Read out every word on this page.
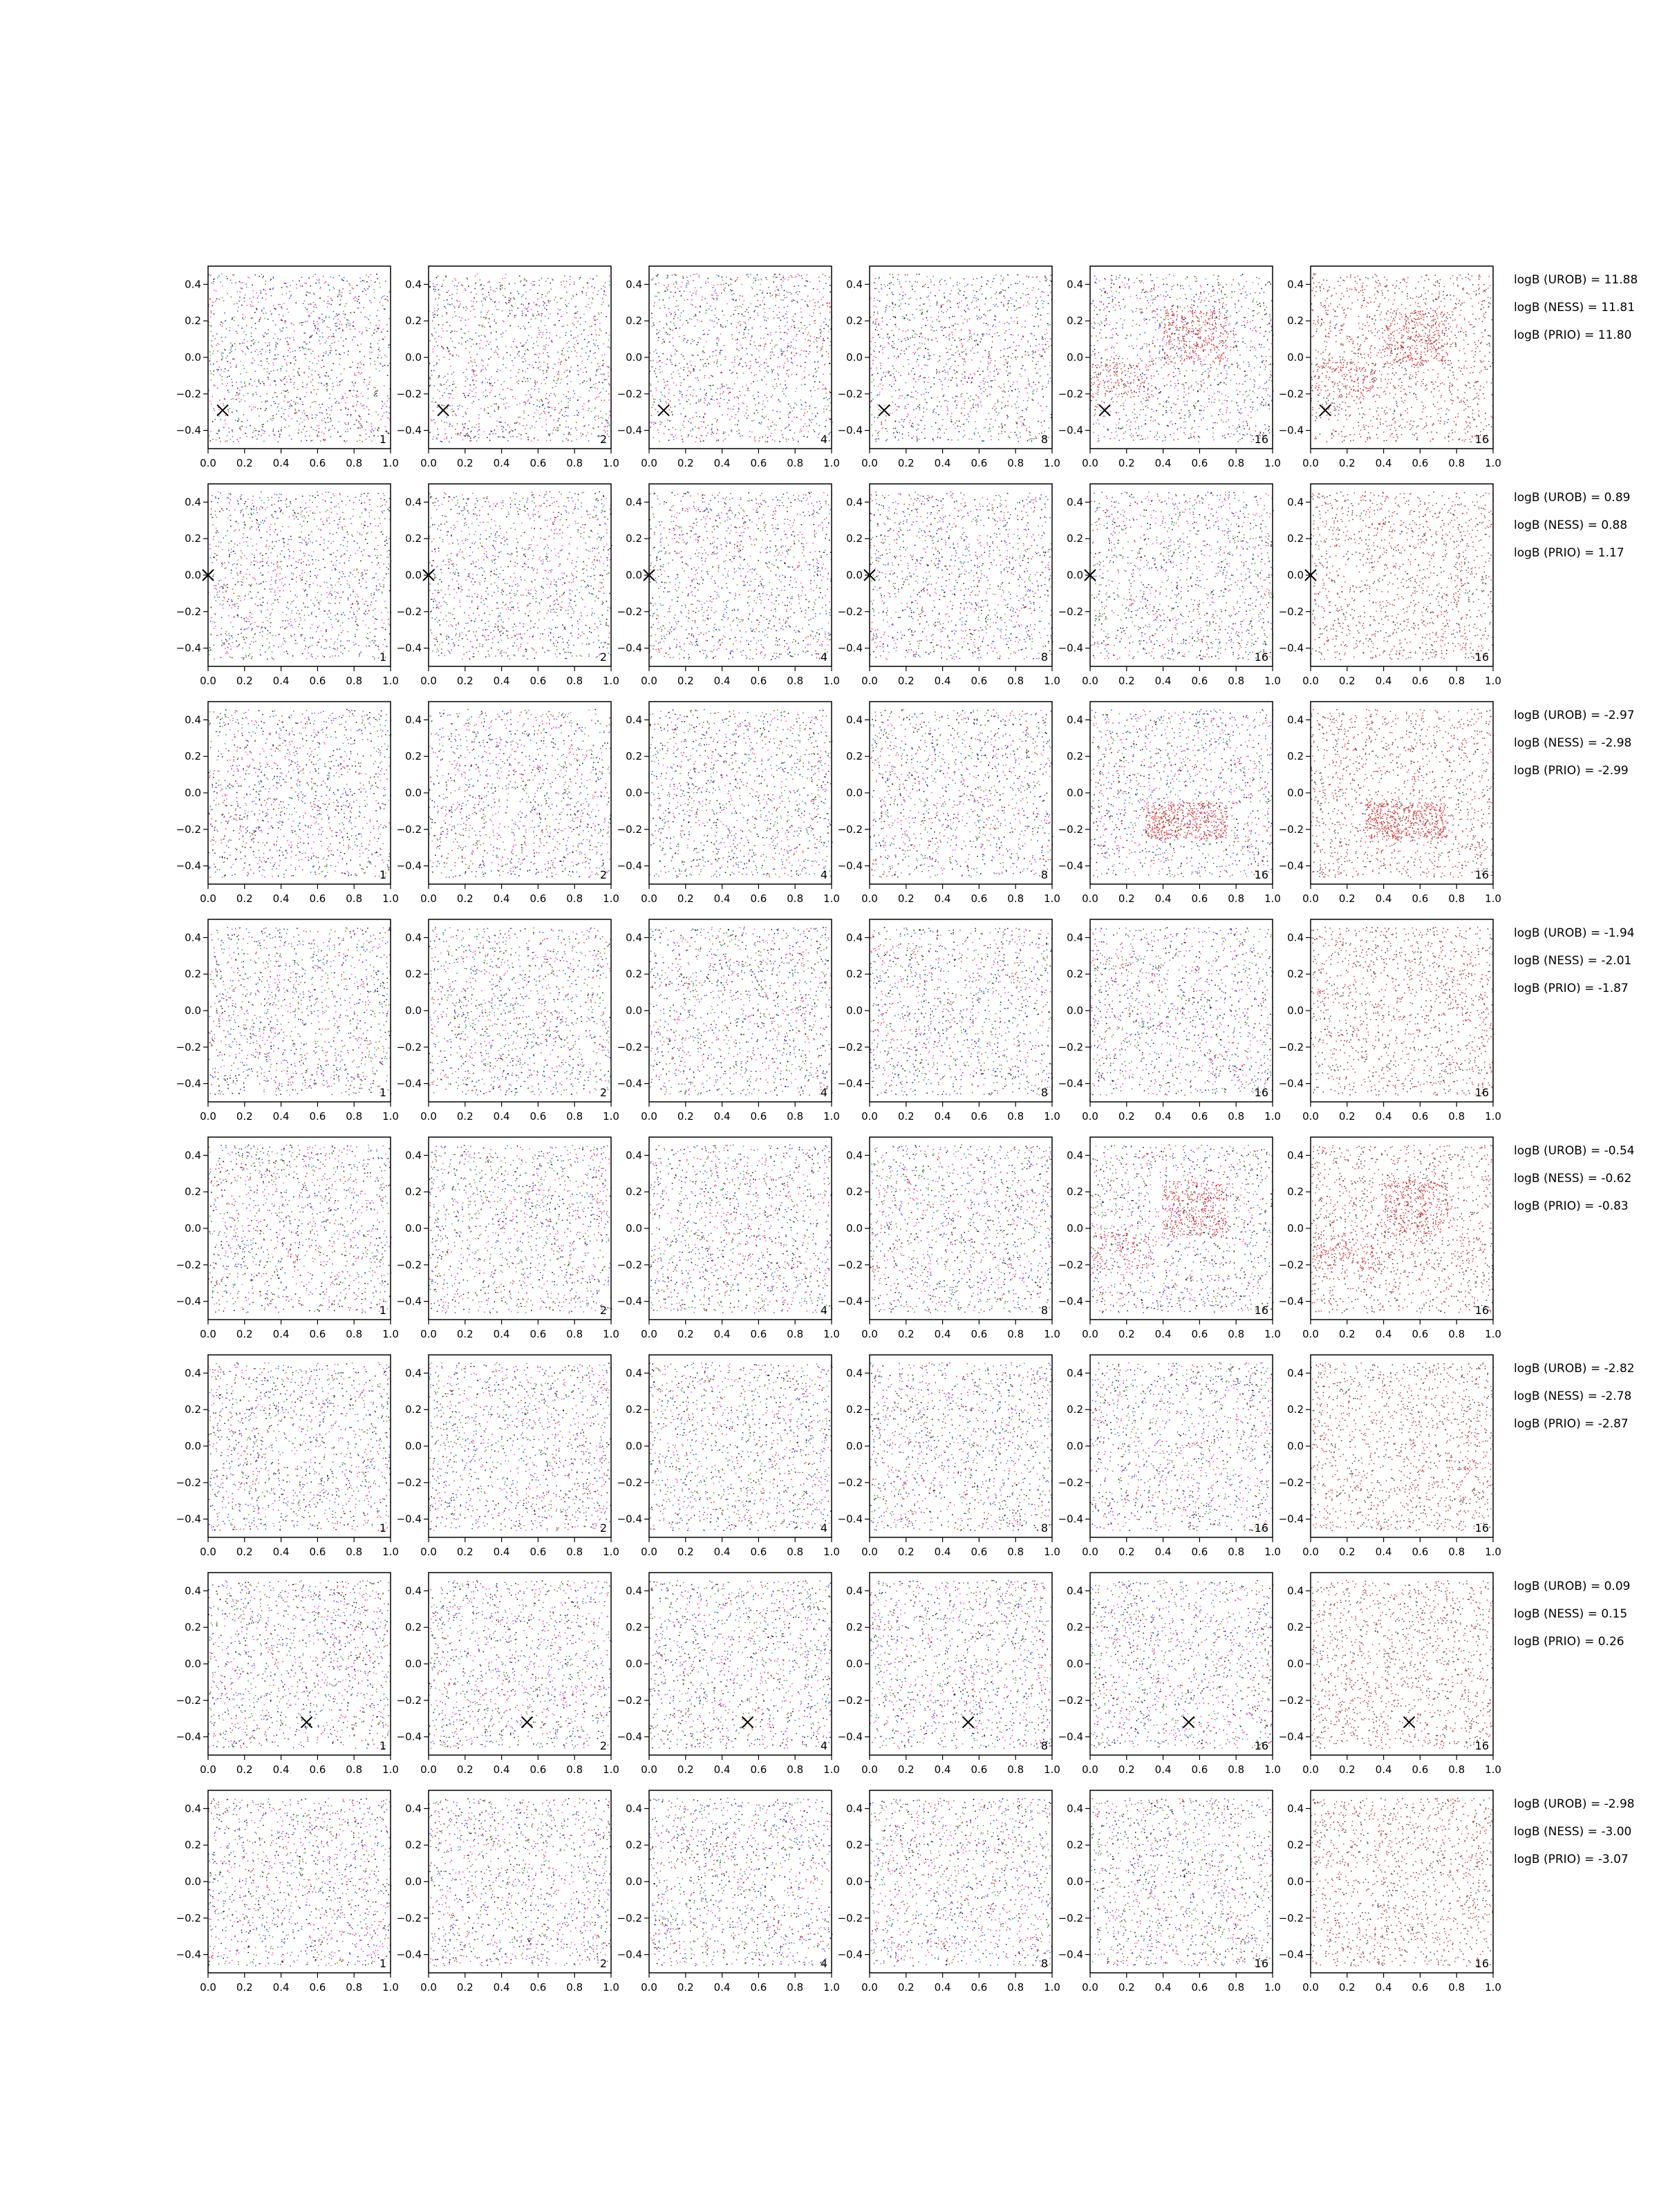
0.0 0.2 0.4 0.6 0.8 1.0
0.4
0.2
0.0
−0.2
−0.4
1
0.0 0.2 0.4 0.6 0.8 1.0
0.4
0.2
0.0
−0.2
−0.4
2
0.0 0.2 0.4 0.6 0.8 1.0
0.4
0.2
0.0
−0.2
−0.4
4
0.0 0.2 0.4 0.6 0.8 1.0
0.4
0.2
0.0
−0.2
−0.4
8
0.0 0.2 0.4 0.6 0.8 1.0
0.4
0.2
0.0
−0.2
−0.4
16
0.0 0.2 0.4 0.6 0.8 1.0
0.4
0.2
0.0
−0.2
−0.4
16
logB (UROB) = 11.88
logB (NESS) = 11.81
logB (PRIO) = 11.80
0.0 0.2 0.4 0.6 0.8 1.0
0.4
0.2
0.0
−0.2
−0.4
1
0.0 0.2 0.4 0.6 0.8 1.0
0.4
0.2
0.0
−0.2
−0.4
2
0.0 0.2 0.4 0.6 0.8 1.0
0.4
0.2
0.0
−0.2
−0.4
4
0.0 0.2 0.4 0.6 0.8 1.0
0.4
0.2
0.0
−0.2
−0.4
8
0.0 0.2 0.4 0.6 0.8 1.0
0.4
0.2
0.0
−0.2
−0.4
16
0.0 0.2 0.4 0.6 0.8 1.0
0.4
0.2
0.0
−0.2
−0.4
16
logB (UROB) = 0.89
logB (NESS) = 0.88
logB (PRIO) = 1.17
0.0 0.2 0.4 0.6 0.8 1.0
0.4
0.2
0.0
−0.2
−0.4
1
0.0 0.2 0.4 0.6 0.8 1.0
0.4
0.2
0.0
−0.2
−0.4
2
0.0 0.2 0.4 0.6 0.8 1.0
0.4
0.2
0.0
−0.2
−0.4
4
0.0 0.2 0.4 0.6 0.8 1.0
0.4
0.2
0.0
−0.2
−0.4
8
0.0 0.2 0.4 0.6 0.8 1.0
0.4
0.2
0.0
−0.2
−0.4
16
0.0 0.2 0.4 0.6 0.8 1.0
0.4
0.2
0.0
−0.2
−0.4
16
logB (UROB) = -2.97
logB (NESS) = -2.98
logB (PRIO) = -2.99
0.0 0.2 0.4 0.6 0.8 1.0
0.4
0.2
0.0
−0.2
−0.4
1
0.0 0.2 0.4 0.6 0.8 1.0
0.4
0.2
0.0
−0.2
−0.4
2
0.0 0.2 0.4 0.6 0.8 1.0
0.4
0.2
0.0
−0.2
−0.4
4
0.0 0.2 0.4 0.6 0.8 1.0
0.4
0.2
0.0
−0.2
−0.4
8
0.0 0.2 0.4 0.6 0.8 1.0
0.4
0.2
0.0
−0.2
−0.4
16
0.0 0.2 0.4 0.6 0.8 1.0
0.4
0.2
0.0
−0.2
−0.4
16
logB (UROB) = -1.94
logB (NESS) = -2.01
logB (PRIO) = -1.87
0.0 0.2 0.4 0.6 0.8 1.0
0.4
0.2
0.0
−0.2
−0.4
1
0.0 0.2 0.4 0.6 0.8 1.0
0.4
0.2
0.0
−0.2
−0.4
2
0.0 0.2 0.4 0.6 0.8 1.0
0.4
0.2
0.0
−0.2
−0.4
4
0.0 0.2 0.4 0.6 0.8 1.0
0.4
0.2
0.0
−0.2
−0.4
8
0.0 0.2 0.4 0.6 0.8 1.0
0.4
0.2
0.0
−0.2
−0.4
16
0.0 0.2 0.4 0.6 0.8 1.0
0.4
0.2
0.0
−0.2
−0.4
16
logB (UROB) = -0.54
logB (NESS) = -0.62
logB (PRIO) = -0.83
0.0 0.2 0.4 0.6 0.8 1.0
0.4
0.2
0.0
−0.2
−0.4
1
0.0 0.2 0.4 0.6 0.8 1.0
0.4
0.2
0.0
−0.2
−0.4
2
0.0 0.2 0.4 0.6 0.8 1.0
0.4
0.2
0.0
−0.2
−0.4
4
0.0 0.2 0.4 0.6 0.8 1.0
0.4
0.2
0.0
−0.2
−0.4
8
0.0 0.2 0.4 0.6 0.8 1.0
0.4
0.2
0.0
−0.2
−0.4
16
0.0 0.2 0.4 0.6 0.8 1.0
0.4
0.2
0.0
−0.2
−0.4
16
logB (UROB) = -2.82
logB (NESS) = -2.78
logB (PRIO) = -2.87
0.0 0.2 0.4 0.6 0.8 1.0
0.4
0.2
0.0
−0.2
−0.4
1
0.0 0.2 0.4 0.6 0.8 1.0
0.4
0.2
0.0
−0.2
−0.4
2
0.0 0.2 0.4 0.6 0.8 1.0
0.4
0.2
0.0
−0.2
−0.4
4
0.0 0.2 0.4 0.6 0.8 1.0
0.4
0.2
0.0
−0.2
−0.4
8
0.0 0.2 0.4 0.6 0.8 1.0
0.4
0.2
0.0
−0.2
−0.4
16
0.0 0.2 0.4 0.6 0.8 1.0
0.4
0.2
0.0
−0.2
−0.4
16
logB (UROB) = 0.09
logB (NESS) = 0.15
logB (PRIO) = 0.26
0.0 0.2 0.4 0.6 0.8 1.0
0.4
0.2
0.0
−0.2
−0.4
1
0.0 0.2 0.4 0.6 0.8 1.0
0.4
0.2
0.0
−0.2
−0.4
2
0.0 0.2 0.4 0.6 0.8 1.0
0.4
0.2
0.0
−0.2
−0.4
4
0.0 0.2 0.4 0.6 0.8 1.0
0.4
0.2
0.0
−0.2
−0.4
8
0.0 0.2 0.4 0.6 0.8 1.0
0.4
0.2
0.0
−0.2
−0.4
16
0.0 0.2 0.4 0.6 0.8 1.0
0.4
0.2
0.0
−0.2
−0.4
16
logB (UROB) = -2.98
logB (NESS) = -3.00
logB (PRIO) = -3.07
